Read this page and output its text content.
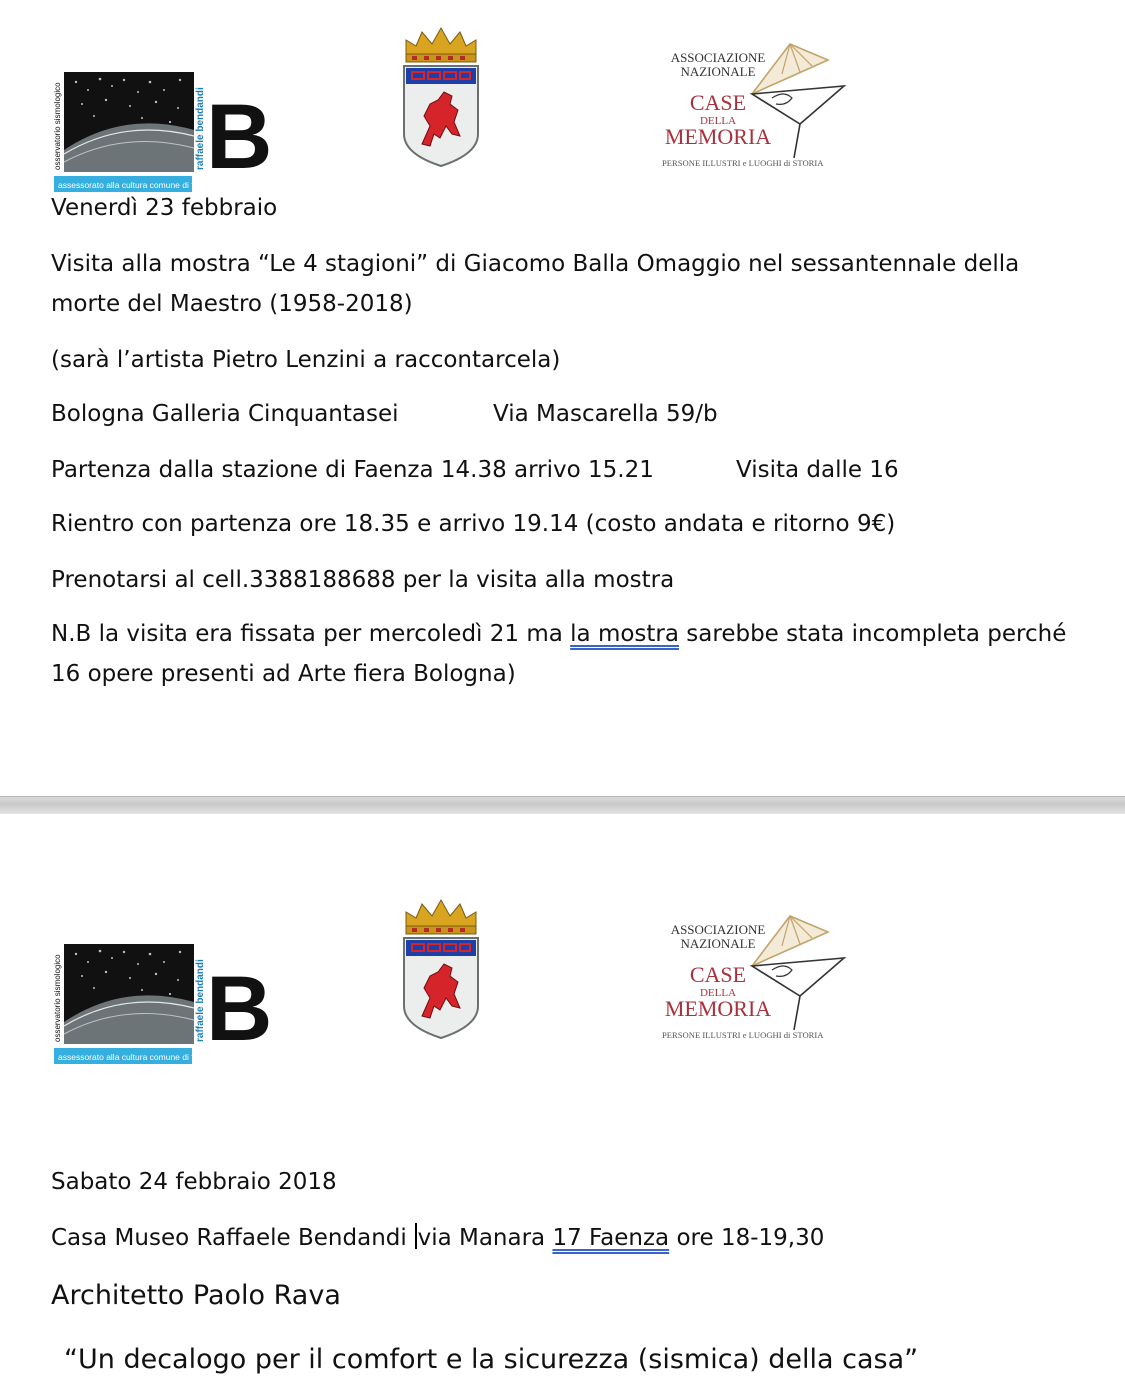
osservatorio sismologico	raffaele bendandi B
assessorato alla cultura comune di faenza
ASSOCIAZIONE
NAZIONALE
CASE
DELLA
MEMORIA
PERSONE ILLUSTRI e LUOGHI di STORIA

Venerdì 23 febbraio

Visita alla mostra “Le 4 stagioni” di Giacomo Balla Omaggio nel sessantennale della

morte del Maestro (1958-2018)

(sarà l’artista Pietro Lenzini a raccontarcela)

Bologna Galleria Cinquantasei	Via Mascarella 59/b

Partenza dalla stazione di Faenza 14.38 arrivo 15.21	Visita dalle 16

Rientro con partenza ore 18.35 e arrivo 19.14 (costo andata e ritorno 9€)

Prenotarsi al cell.3388188688 per la visita alla mostra

N.B la visita era fissata per mercoledì 21 ma la mostra sarebbe stata incompleta perché

16 opere presenti ad Arte fiera Bologna)

osservatorio sismologico	raffaele bendandi B
assessorato alla cultura comune di faenza
ASSOCIAZIONE
NAZIONALE
CASE
DELLA
MEMORIA
PERSONE ILLUSTRI e LUOGHI di STORIA

Sabato 24 febbraio 2018

Casa Museo Raffaele Bendandi via Manara 17 Faenza ore 18-19,30

Architetto Paolo Rava

“Un decalogo per il comfort e la sicurezza (sismica) della casa”
